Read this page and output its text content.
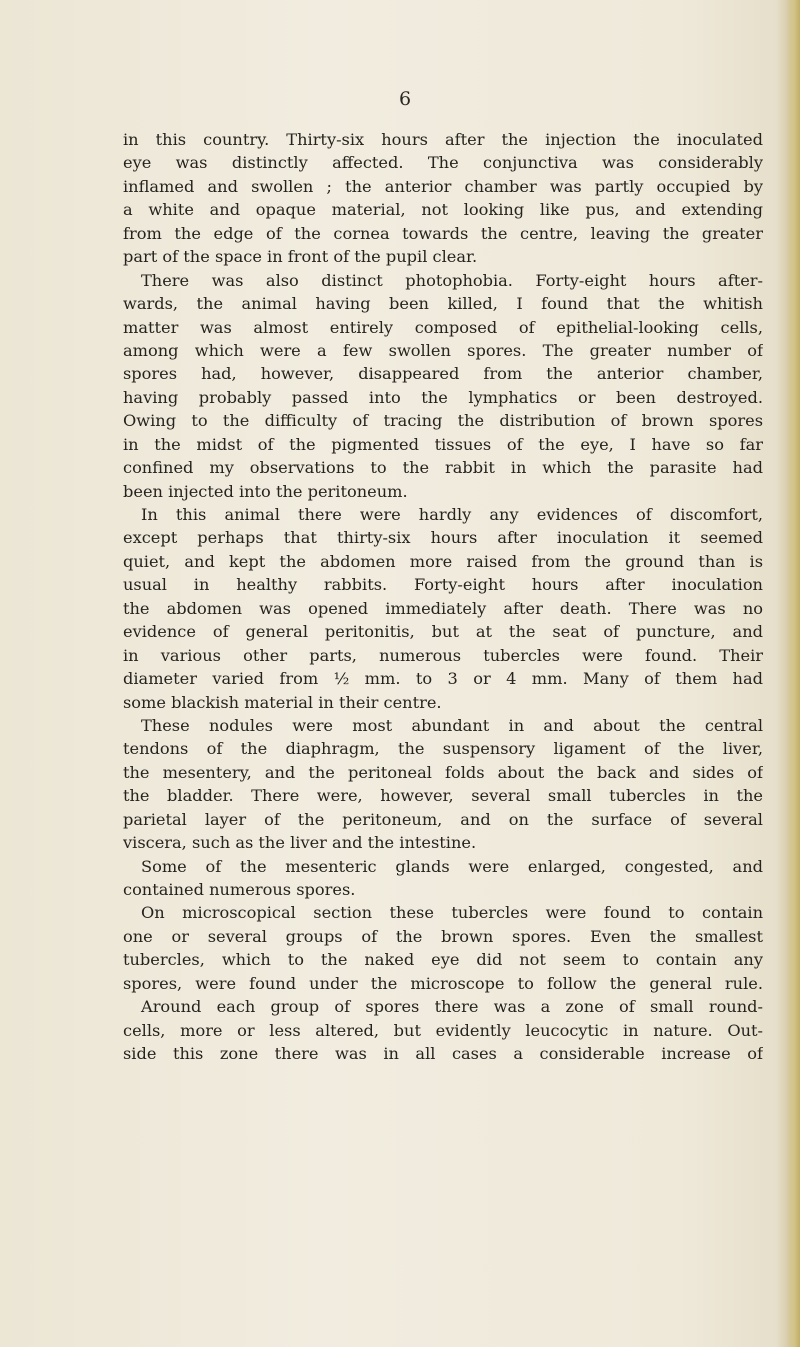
6
in this country. Thirty-six hours after the injection the inoculated
eye was distinctly affected. The conjunctiva was considerably
inflamed and swollen ; the anterior chamber was partly occupied by
a white and opaque material, not looking like pus, and extending
from the edge of the cornea towards the centre, leaving the greater
part of the space in front of the pupil clear.
There was also distinct photophobia. Forty-eight hours after-
wards, the animal having been killed, I found that the whitish
matter was almost entirely composed of epithelial-looking cells,
among which were a few swollen spores. The greater number of
spores had, however, disappeared from the anterior chamber,
having probably passed into the lymphatics or been destroyed.
Owing to the difficulty of tracing the distribution of brown spores
in the midst of the pigmented tissues of the eye, I have so far
confined my observations to the rabbit in which the parasite had
been injected into the peritoneum.
In this animal there were hardly any evidences of discomfort,
except perhaps that thirty-six hours after inoculation it seemed
quiet, and kept the abdomen more raised from the ground than is
usual in healthy rabbits. Forty-eight hours after inoculation
the abdomen was opened immediately after death. There was no
evidence of general peritonitis, but at the seat of puncture, and
in various other parts, numerous tubercles were found. Their
diameter varied from ½ mm. to 3 or 4 mm. Many of them had
some blackish material in their centre.
These nodules were most abundant in and about the central
tendons of the diaphragm, the suspensory ligament of the liver,
the mesentery, and the peritoneal folds about the back and sides of
the bladder. There were, however, several small tubercles in the
parietal layer of the peritoneum, and on the surface of several
viscera, such as the liver and the intestine.
Some of the mesenteric glands were enlarged, congested, and
contained numerous spores.
On microscopical section these tubercles were found to contain
one or several groups of the brown spores. Even the smallest
tubercles, which to the naked eye did not seem to contain any
spores, were found under the microscope to follow the general rule.
Around each group of spores there was a zone of small round-
cells, more or less altered, but evidently leucocytic in nature. Out-
side this zone there was in all cases a considerable increase of
